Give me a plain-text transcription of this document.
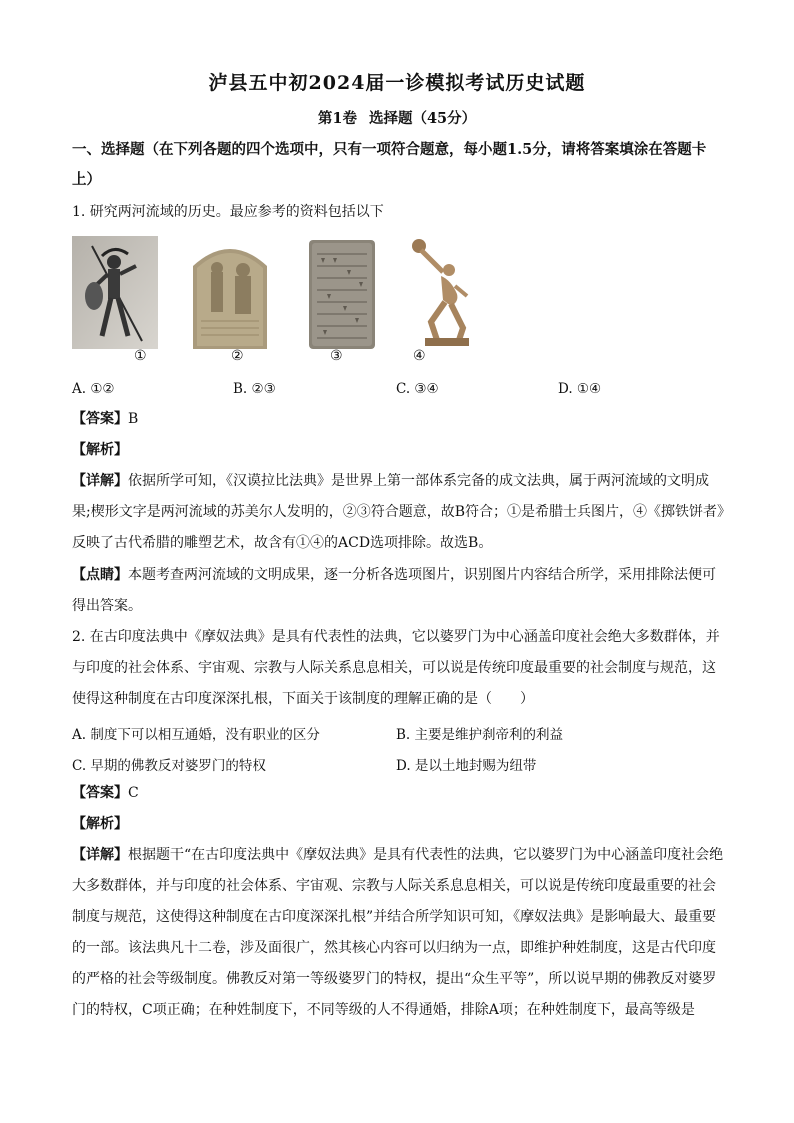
泸县五中初2024届一诊模拟考试历史试题
第1卷 选择题（45分）
一、选择题（在下列各题的四个选项中，只有一项符合题意，每小题1.5分，请将答案填涂在答题卡上）
1. 研究两河流域的历史。最应参考的资料包括以下
①	②	③	④
A. ①②	B. ②③	C. ③④	D. ①④
【答案】B
【解析】
【详解】依据所学可知，《汉谟拉比法典》是世界上第一部体系完备的成文法典，属于两河流域的文明成果;楔形文字是两河流域的苏美尔人发明的，②③符合题意，故B符合；①是希腊士兵图片，④《掷铁饼者》反映了古代希腊的雕塑艺术，故含有①④的ACD选项排除。故选B。
【点睛】本题考查两河流域的文明成果，逐一分析各选项图片，识别图片内容结合所学，采用排除法便可得出答案。
2. 在古印度法典中《摩奴法典》是具有代表性的法典，它以婆罗门为中心涵盖印度社会绝大多数群体，并与印度的社会体系、宇宙观、宗教与人际关系息息相关，可以说是传统印度最重要的社会制度与规范，这使得这种制度在古印度深深扎根，下面关于该制度的理解正确的是（　　）
A. 制度下可以相互通婚，没有职业的区分	B. 主要是维护刹帝利的利益
C. 早期的佛教反对婆罗门的特权	D. 是以土地封赐为纽带
【答案】C
【解析】
【详解】根据题干“在古印度法典中《摩奴法典》是具有代表性的法典，它以婆罗门为中心涵盖印度社会绝大多数群体，并与印度的社会体系、宇宙观、宗教与人际关系息息相关，可以说是传统印度最重要的社会制度与规范，这使得这种制度在古印度深深扎根”并结合所学知识可知，《摩奴法典》是影响最大、最重要的一部。该法典凡十二卷，涉及面很广，然其核心内容可以归纳为一点，即维护种姓制度，这是古代印度的严格的社会等级制度。佛教反对第一等级婆罗门的特权，提出“众生平等”，所以说早期的佛教反对婆罗门的特权，C项正确；在种姓制度下，不同等级的人不得通婚，排除A项；在种姓制度下，最高等级是
